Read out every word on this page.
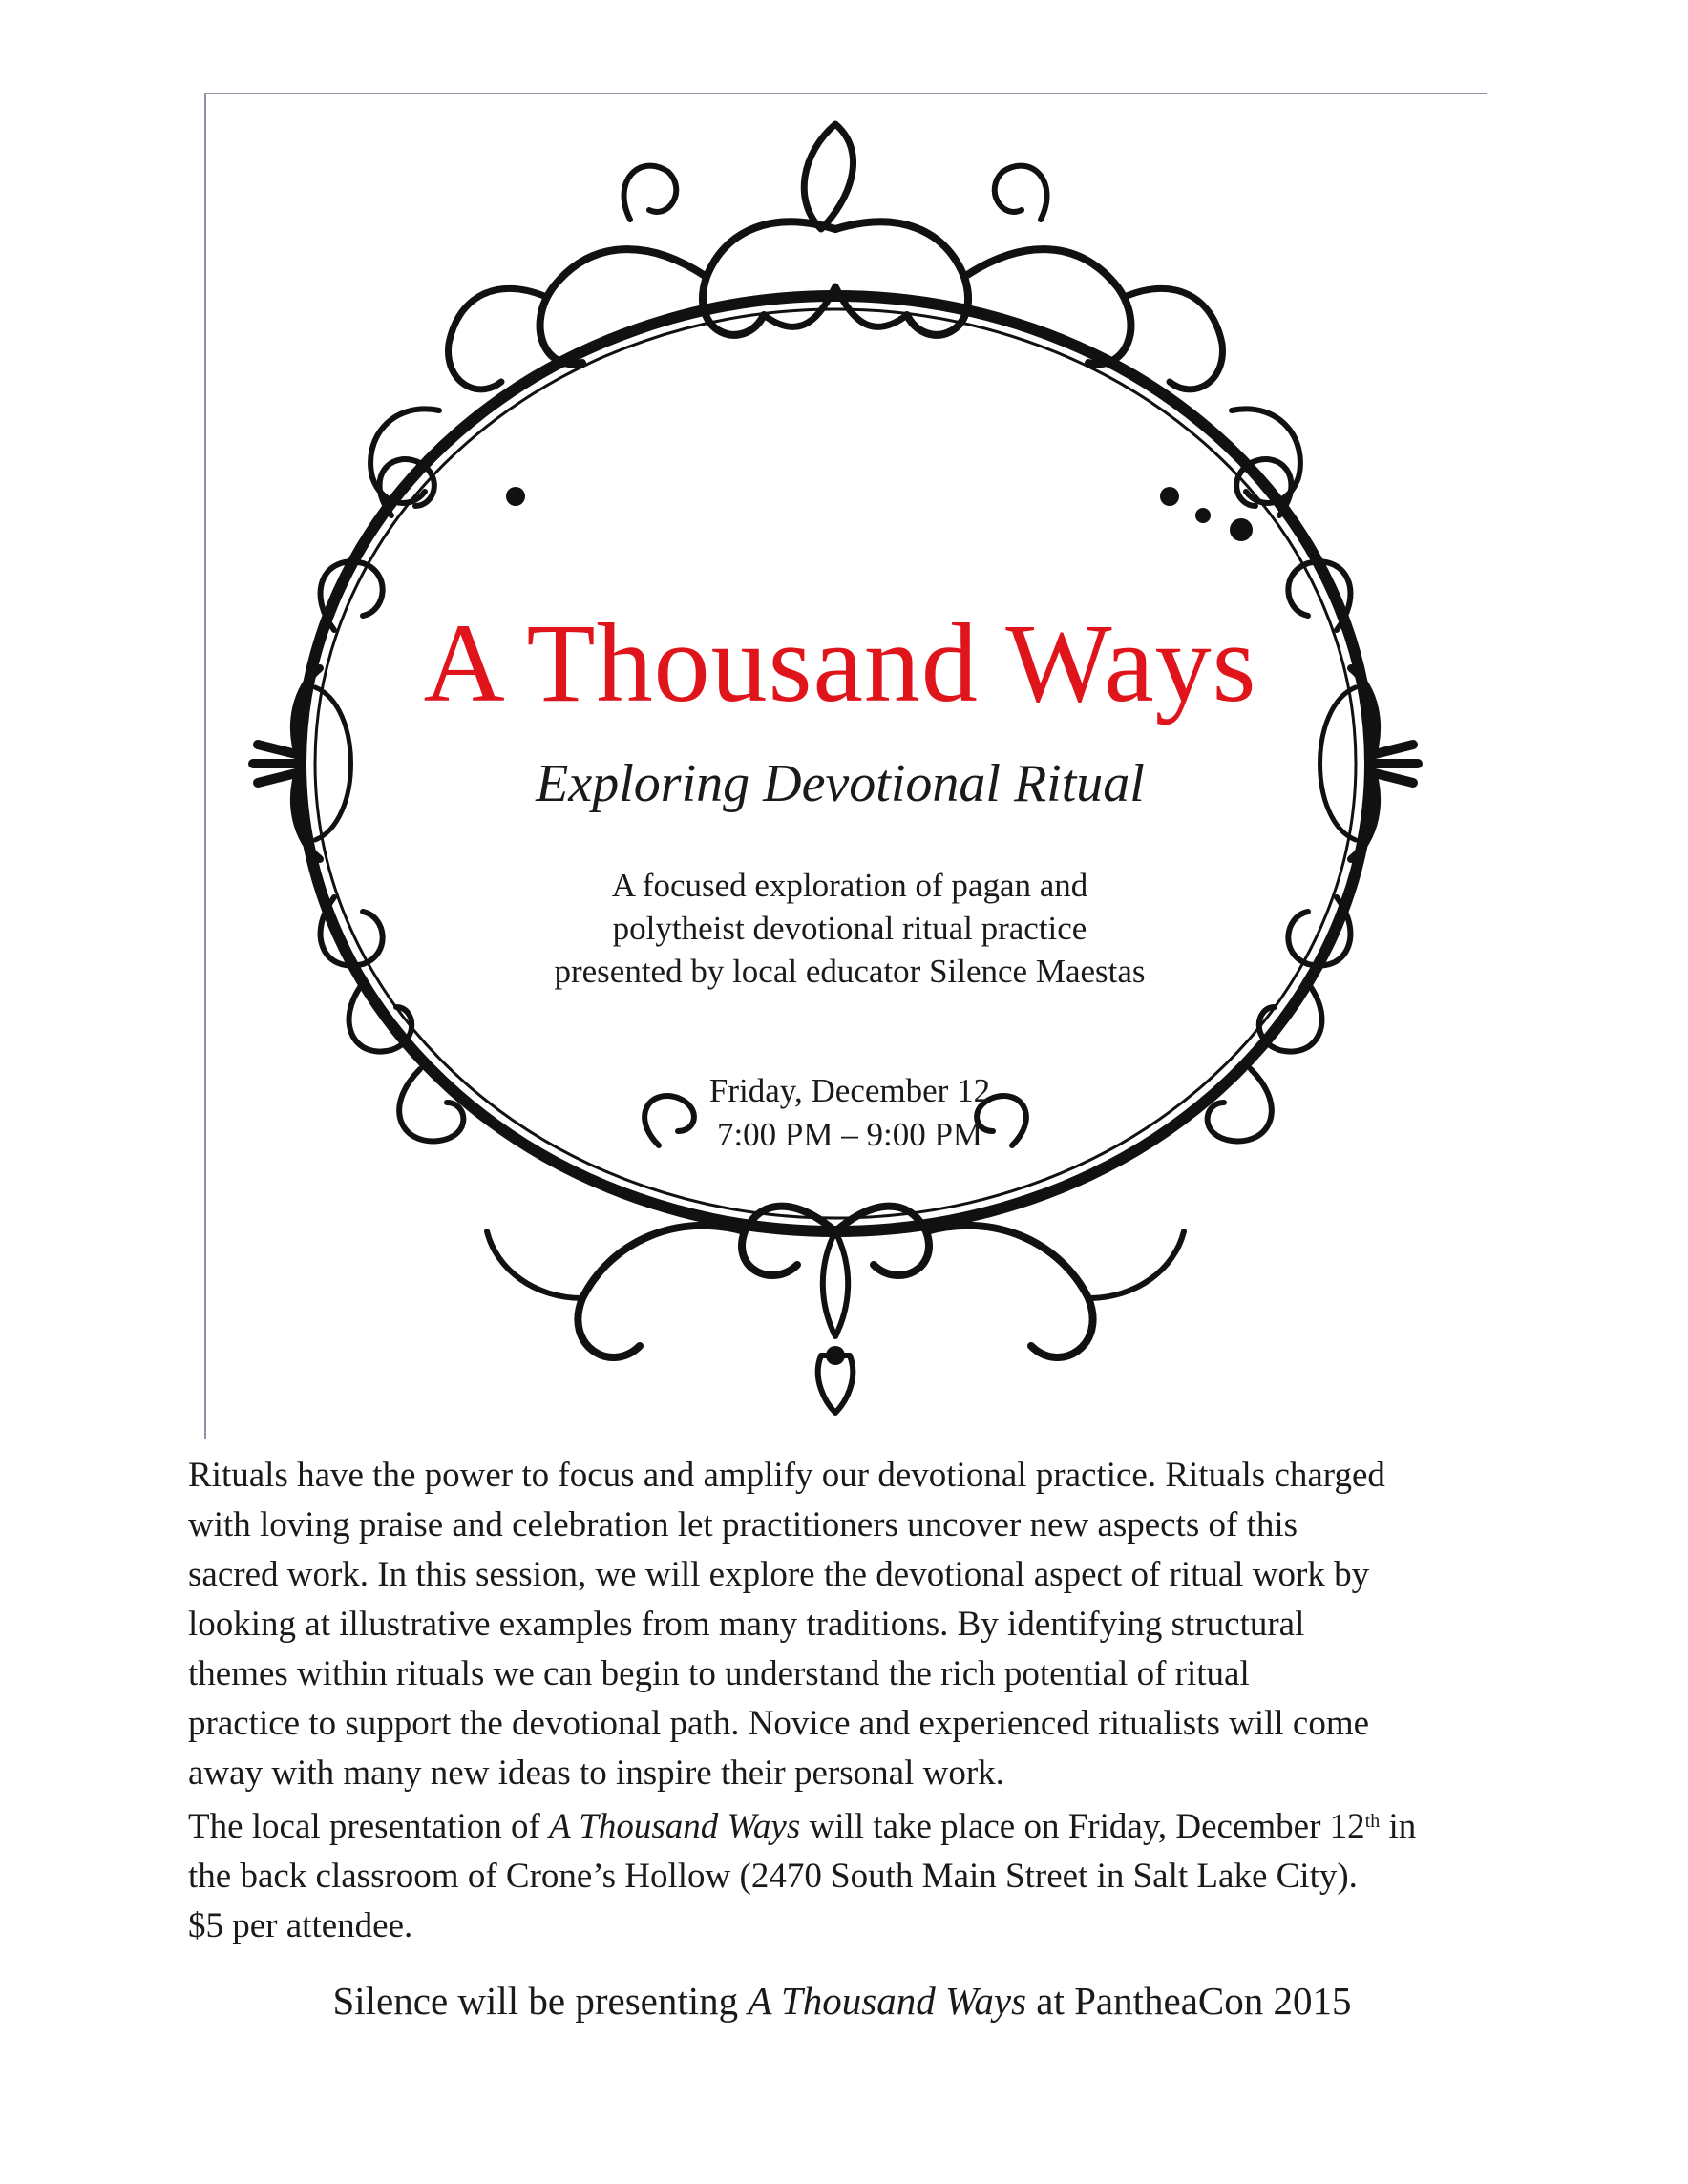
A Thousand Ways
Exploring Devotional Ritual
A focused exploration of pagan and
polytheist devotional ritual practice
presented by local educator Silence Maestas
Friday, December 12
7:00 PM – 9:00 PM

Rituals have the power to focus and amplify our devotional practice. Rituals charged
with loving praise and celebration let practitioners uncover new aspects of this
sacred work. In this session, we will explore the devotional aspect of ritual work by
looking at illustrative examples from many traditions. By identifying structural
themes within rituals we can begin to understand the rich potential of ritual
practice to support the devotional path. Novice and experienced ritualists will come
away with many new ideas to inspire their personal work.

The local presentation of A Thousand Ways will take place on Friday, December 12th in
the back classroom of Crone’s Hollow (2470 South Main Street in Salt Lake City).
$5 per attendee.

Silence will be presenting A Thousand Ways at PantheaCon 2015
